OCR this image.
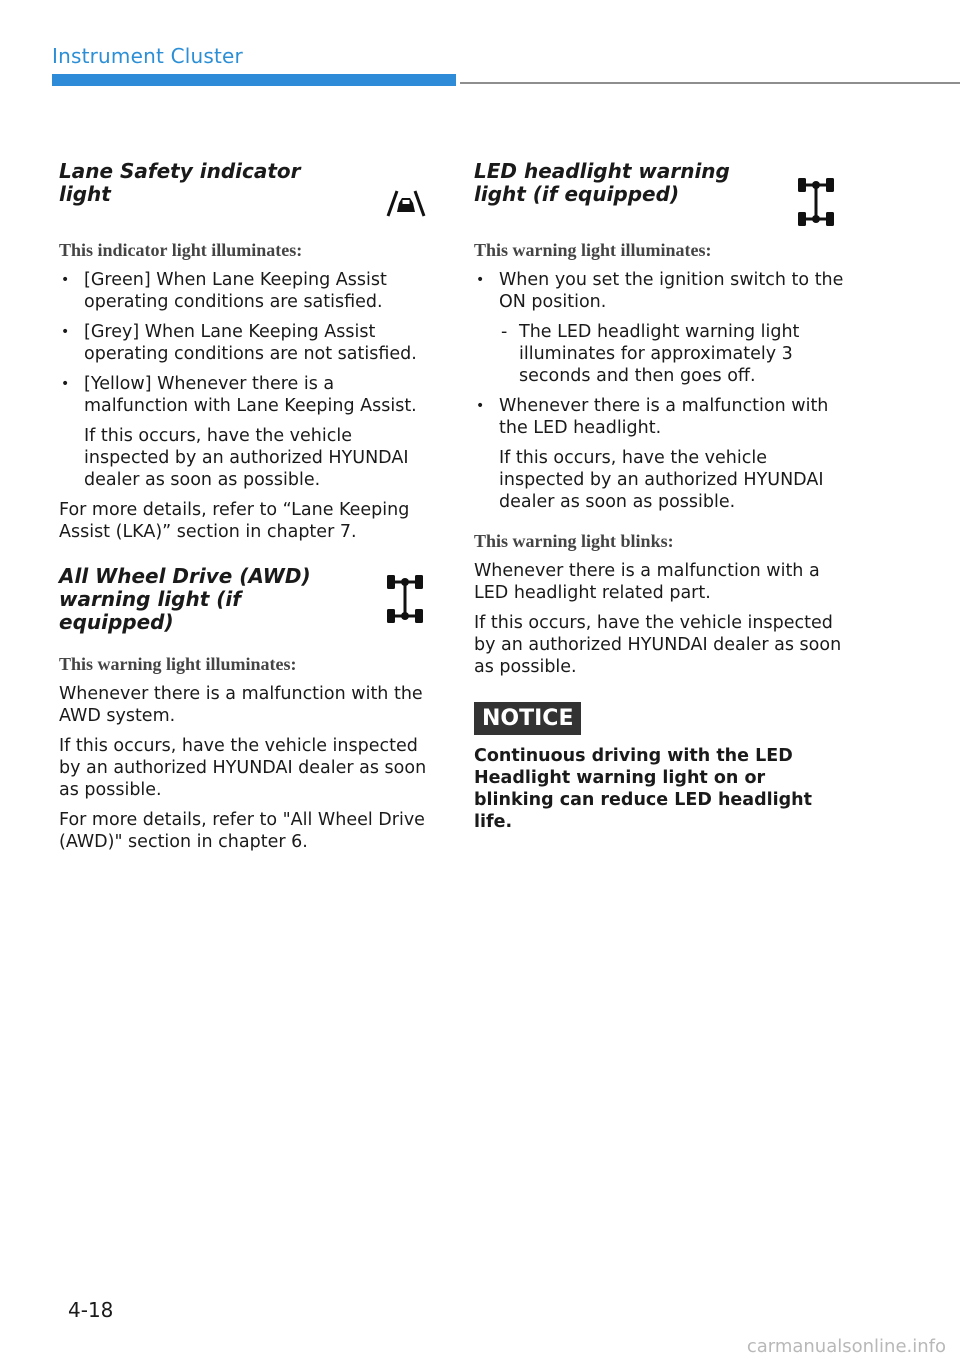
Instrument Cluster
Lane Safety indicator light
This indicator light illuminates:
• [Green] When Lane Keeping Assist operating conditions are satisfied.
• [Grey] When Lane Keeping Assist operating conditions are not satisfied.
• [Yellow] Whenever there is a malfunction with Lane Keeping Assist.
If this occurs, have the vehicle inspected by an authorized HYUNDAI dealer as soon as possible.

For more details, refer to “Lane Keeping Assist (LKA)” section in chapter 7.

All Wheel Drive (AWD) warning light (if equipped)
This warning light illuminates:

Whenever there is a malfunction with the AWD system.

If this occurs, have the vehicle inspected by an authorized HYUNDAI dealer as soon as possible.

For more details, refer to "All Wheel Drive (AWD)" section in chapter 6.

LED headlight warning light (if equipped)
This warning light illuminates:
• When you set the ignition switch to the ON position.
- The LED headlight warning light illuminates for approximately 3 seconds and then goes off.
• Whenever there is a malfunction with the LED headlight.
If this occurs, have the vehicle inspected by an authorized HYUNDAI dealer as soon as possible.
This warning light blinks:

Whenever there is a malfunction with a LED headlight related part.

If this occurs, have the vehicle inspected by an authorized HYUNDAI dealer as soon as possible.

NOTICE
Continuous driving with the LED Headlight warning light on or blinking can reduce LED headlight life.
4-18
carmanualsonline.info
